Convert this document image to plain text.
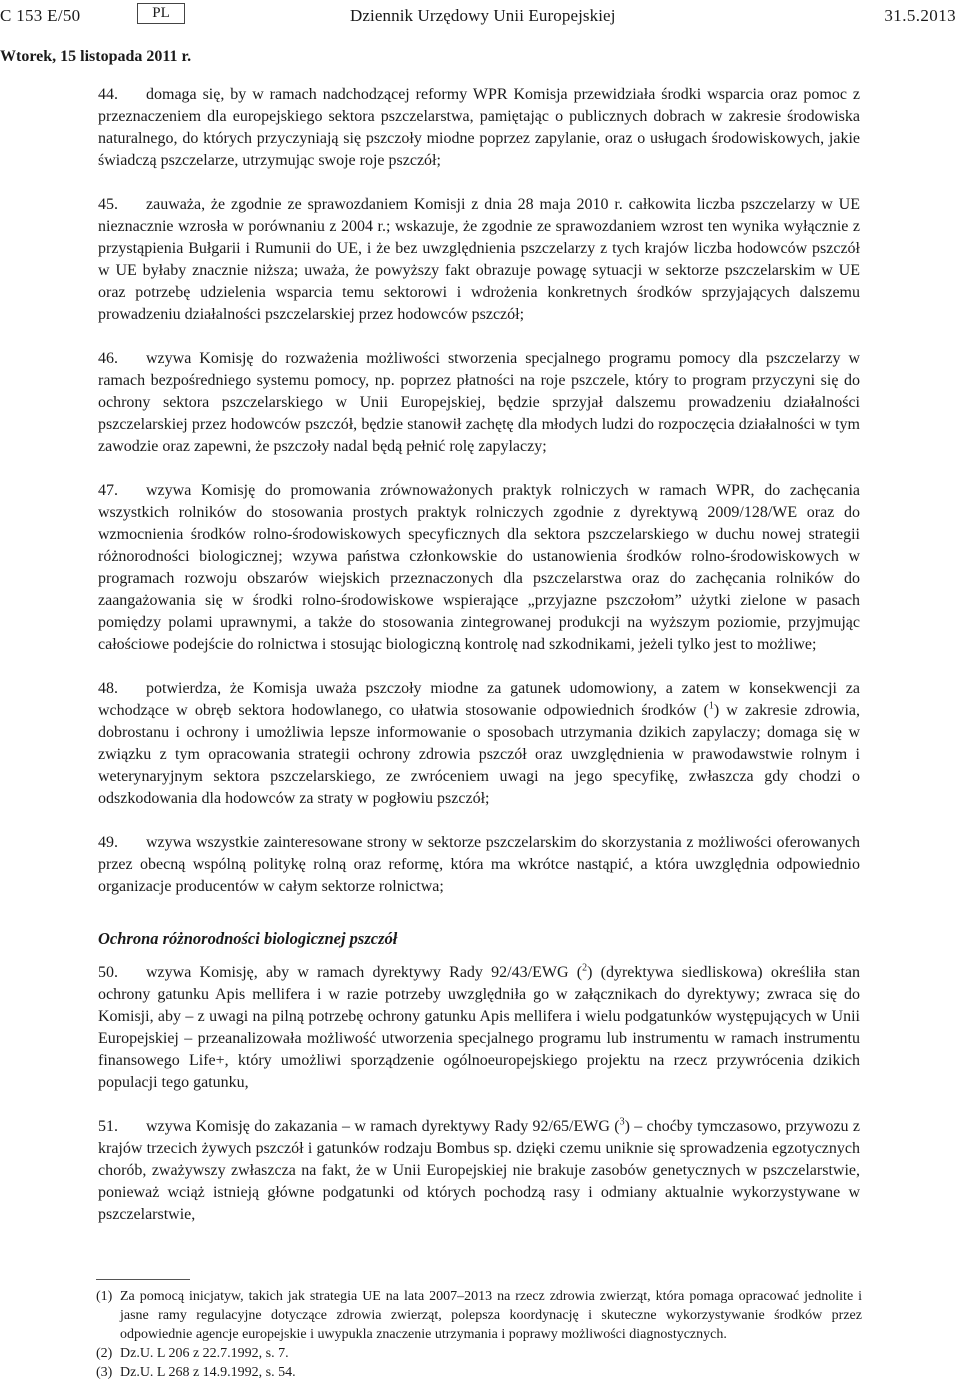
C 153 E/50	PL	Dziennik Urzędowy Unii Europejskiej	31.5.2013
Wtorek, 15 listopada 2011 r.

44. domaga się, by w ramach nadchodzącej reformy WPR Komisja przewidziała środki wsparcia oraz pomoc z przeznaczeniem dla europejskiego sektora pszczelarstwa, pamiętając o publicznych dobrach w zakresie środowiska naturalnego, do których przyczyniają się pszczoły miodne poprzez zapylanie, oraz o usługach środowiskowych, jakie świadczą pszczelarze, utrzymując swoje roje pszczół;

45. zauważa, że zgodnie ze sprawozdaniem Komisji z dnia 28 maja 2010 r. całkowita liczba pszczelarzy w UE nieznacznie wzrosła w porównaniu z 2004 r.; wskazuje, że zgodnie ze sprawozdaniem wzrost ten wynika wyłącznie z przystąpienia Bułgarii i Rumunii do UE, i że bez uwzględnienia pszczelarzy z tych krajów liczba hodowców pszczół w UE byłaby znacznie niższa; uważa, że powyższy fakt obrazuje powagę sytuacji w sektorze pszczelarskim w UE oraz potrzebę udzielenia wsparcia temu sektorowi i wdrożenia konkretnych środków sprzyjających dalszemu prowadzeniu działalności pszczelarskiej przez hodowców pszczół;

46. wzywa Komisję do rozważenia możliwości stworzenia specjalnego programu pomocy dla pszczelarzy w ramach bezpośredniego systemu pomocy, np. poprzez płatności na roje pszczele, który to program przyczyni się do ochrony sektora pszczelarskiego w Unii Europejskiej, będzie sprzyjał dalszemu prowadzeniu działalności pszczelarskiej przez hodowców pszczół, będzie stanowił zachętę dla młodych ludzi do rozpoczęcia działalności w tym zawodzie oraz zapewni, że pszczoły nadal będą pełnić rolę zapylaczy;

47. wzywa Komisję do promowania zrównoważonych praktyk rolniczych w ramach WPR, do zachęcania wszystkich rolników do stosowania prostych praktyk rolniczych zgodnie z dyrektywą 2009/128/WE oraz do wzmocnienia środków rolno-środowiskowych specyficznych dla sektora pszczelarskiego w duchu nowej strategii różnorodności biologicznej; wzywa państwa członkowskie do ustanowienia środków rolno-środowiskowych w programach rozwoju obszarów wiejskich przeznaczonych dla pszczelarstwa oraz do zachęcania rolników do zaangażowania się w środki rolno-środowiskowe wspierające „przyjazne pszczołom” użytki zielone w pasach pomiędzy polami uprawnymi, a także do stosowania zintegrowanej produkcji na wyższym poziomie, przyjmując całościowe podejście do rolnictwa i stosując biologiczną kontrolę nad szkodnikami, jeżeli tylko jest to możliwe;

48. potwierdza, że Komisja uważa pszczoły miodne za gatunek udomowiony, a zatem w konsekwencji za wchodzące w obręb sektora hodowlanego, co ułatwia stosowanie odpowiednich środków ($^1$) w zakresie zdrowia, dobrostanu i ochrony i umożliwia lepsze informowanie o sposobach utrzymania dzikich zapylaczy; domaga się w związku z tym opracowania strategii ochrony zdrowia pszczół oraz uwzględnienia w prawodawstwie rolnym i weterynaryjnym sektora pszczelarskiego, ze zwróceniem uwagi na jego specyfikę, zwłaszcza gdy chodzi o odszkodowania dla hodowców za straty w pogłowiu pszczół;

49. wzywa wszystkie zainteresowane strony w sektorze pszczelarskim do skorzystania z możliwości oferowanych przez obecną wspólną politykę rolną oraz reformę, która ma wkrótce nastąpić, a która uwzględnia odpowiednio organizacje producentów w całym sektorze rolnictwa;

Ochrona różnorodności biologicznej pszczół

50. wzywa Komisję, aby w ramach dyrektywy Rady 92/43/EWG ($^2$) (dyrektywa siedliskowa) określiła stan ochrony gatunku Apis mellifera i w razie potrzeby uwzględniła go w załącznikach do dyrektywy; zwraca się do Komisji, aby – z uwagi na pilną potrzebę ochrony gatunku Apis mellifera i wielu podgatunków występujących w Unii Europejskiej – przeanalizowała możliwość utworzenia specjalnego programu lub instrumentu w ramach instrumentu finansowego Life+, który umożliwi sporządzenie ogólnoeuropejskiego projektu na rzecz przywrócenia dzikich populacji tego gatunku,

51. wzywa Komisję do zakazania – w ramach dyrektywy Rady 92/65/EWG ($^3$) – choćby tymczasowo, przywozu z krajów trzecich żywych pszczół i gatunków rodzaju Bombus sp. dzięki czemu uniknie się sprowadzenia egzotycznych chorób, zważywszy zwłaszcza na fakt, że w Unii Europejskiej nie brakuje zasobów genetycznych w pszczelarstwie, ponieważ wciąż istnieją główne podgatunki od których pochodzą rasy i odmiany aktualnie wykorzystywane w pszczelarstwie,

(1) Za pomocą inicjatyw, takich jak strategia UE na lata 2007–2013 na rzecz zdrowia zwierząt, która pomaga opracować jednolite i jasne ramy regulacyjne dotyczące zdrowia zwierząt, polepsza koordynację i skuteczne wykorzystywanie środków przez odpowiednie agencje europejskie i uwypukla znaczenie utrzymania i poprawy możliwości diagnostycznych.

(2) Dz.U. L 206 z 22.7.1992, s. 7.

(3) Dz.U. L 268 z 14.9.1992, s. 54.
